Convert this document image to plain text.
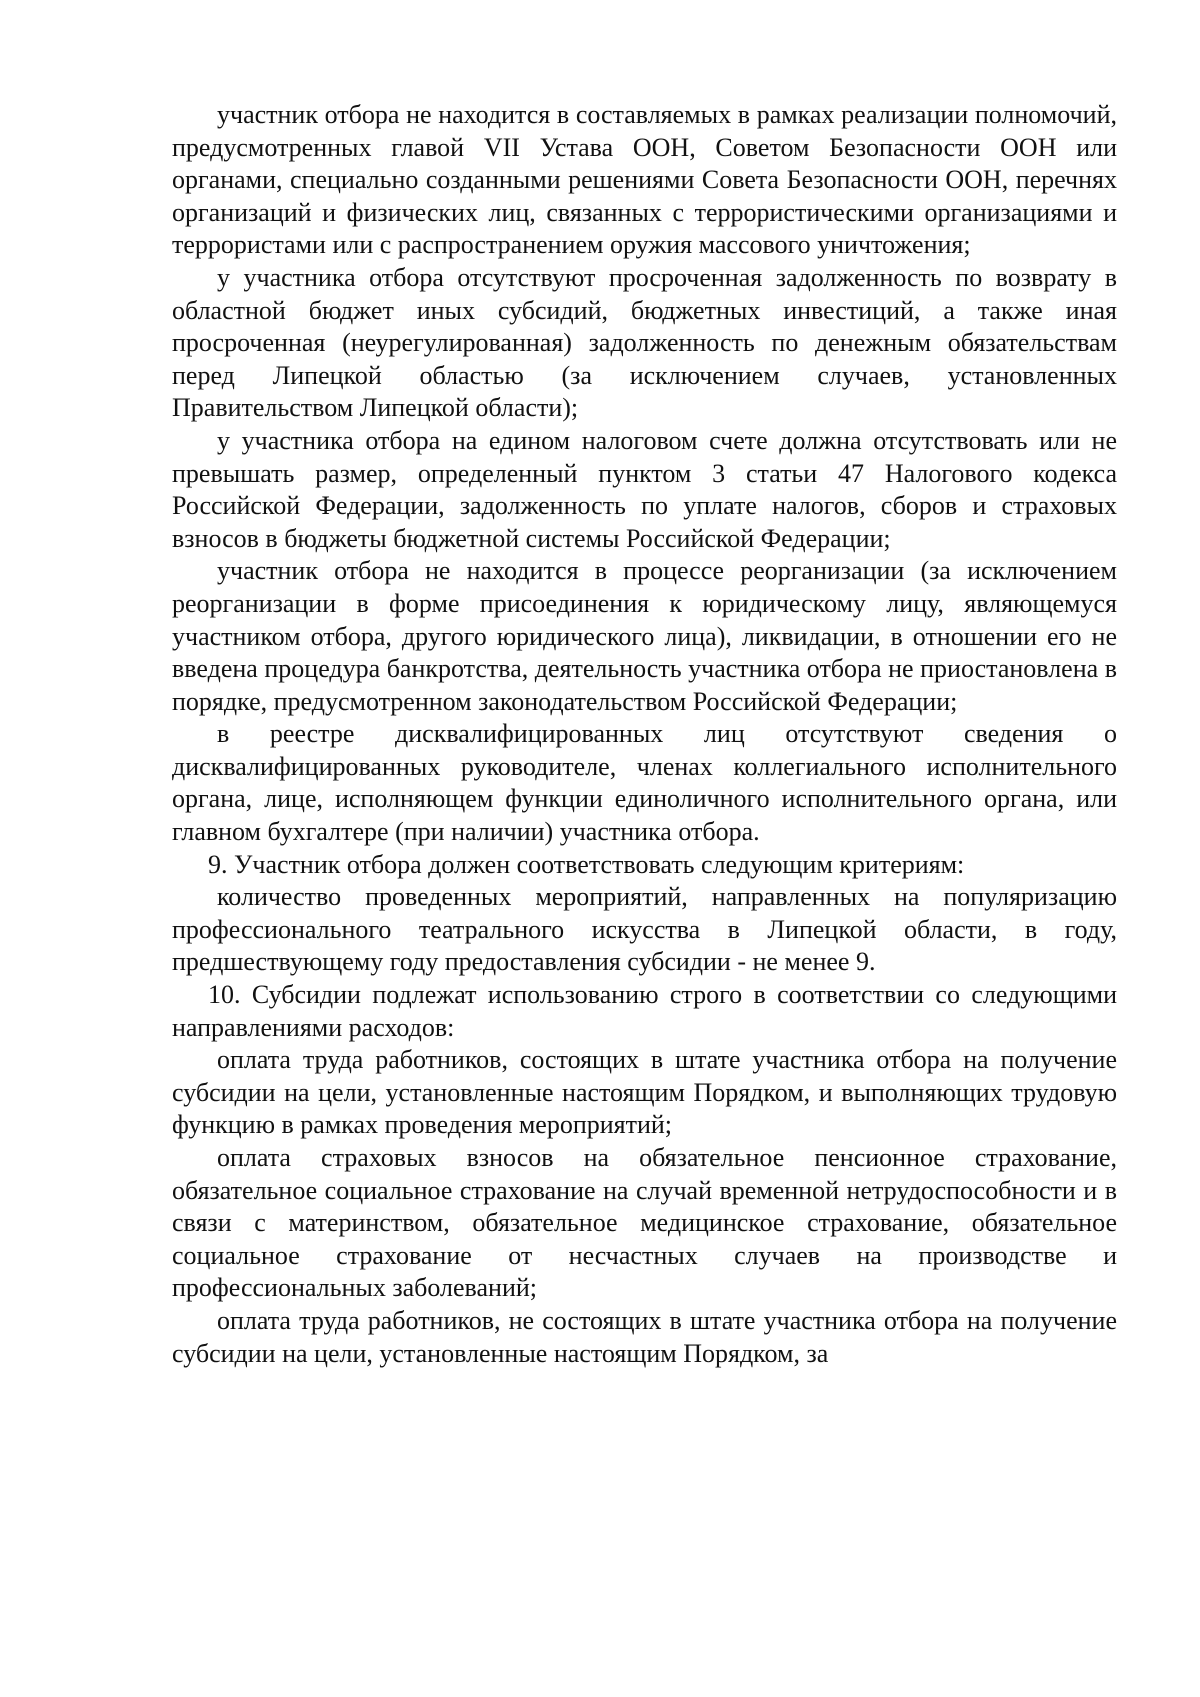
участник отбора не находится в составляемых в рамках реализации полномочий, предусмотренных главой VII Устава ООН, Советом Безопасности ООН или органами, специально созданными решениями Совета Безопасности ООН, перечнях организаций и физических лиц, связанных с террористическими организациями и террористами или с распространением оружия массового уничтожения;

у участника отбора отсутствуют просроченная задолженность по возврату в областной бюджет иных субсидий, бюджетных инвестиций, а также иная просроченная (неурегулированная) задолженность по денежным обязательствам перед Липецкой областью (за исключением случаев, установленных Правительством Липецкой области);

у участника отбора на едином налоговом счете должна отсутствовать или не превышать размер, определенный пунктом 3 статьи 47 Налогового кодекса Российской Федерации, задолженность по уплате налогов, сборов и страховых взносов в бюджеты бюджетной системы Российской Федерации;

участник отбора не находится в процессе реорганизации (за исключением реорганизации в форме присоединения к юридическому лицу, являющемуся участником отбора, другого юридического лица), ликвидации, в отношении его не введена процедура банкротства, деятельность участника отбора не приостановлена в порядке, предусмотренном законодательством Российской Федерации;

в реестре дисквалифицированных лиц отсутствуют сведения о дисквалифицированных руководителе, членах коллегиального исполнительного органа, лице, исполняющем функции единоличного исполнительного органа, или главном бухгалтере (при наличии) участника отбора.

9. Участник отбора должен соответствовать следующим критериям:

количество проведенных мероприятий, направленных на популяризацию профессионального театрального искусства в Липецкой области, в году, предшествующему году предоставления субсидии - не менее 9.

10. Субсидии подлежат использованию строго в соответствии со следующими направлениями расходов:

оплата труда работников, состоящих в штате участника отбора на получение субсидии на цели, установленные настоящим Порядком, и выполняющих трудовую функцию в рамках проведения мероприятий;

оплата страховых взносов на обязательное пенсионное страхование, обязательное социальное страхование на случай временной нетрудоспособности и в связи с материнством, обязательное медицинское страхование, обязательное социальное страхование от несчастных случаев на производстве и профессиональных заболеваний;

оплата труда работников, не состоящих в штате участника отбора на получение субсидии на цели, установленные настоящим Порядком, за
